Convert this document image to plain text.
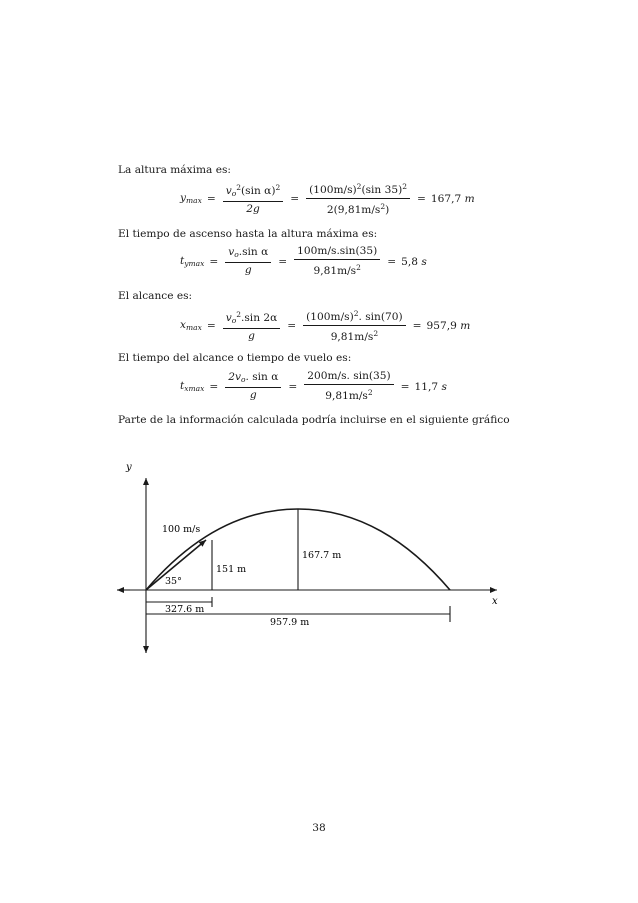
La altura máxima es:
El tiempo de ascenso hasta la altura máxima es:
El alcance es:
El tiempo del alcance o tiempo de vuelo es:
Parte de la información calculada podría incluirse en el siguiente gráfico
$y_{max} = \frac{v_o^2(\sin \alpha)^2}{2g} = \frac{(100m/s)^2(\sin 35)^2}{2(9,81m/s^2)} = 167,7$
m
$t_{ymax} = \frac{v_o.\sin \alpha}{g} = \frac{100m/s.\sin(35)}{9,81m/s^2} = 5,8$
s
$x_{max} = \frac{v_o^2.\sin 2\alpha}{g} = \frac{(100m/s)^2. \sin(70)}{9,81m/s^2} = 957,9$
m
$t_{xmax} = \frac{2v_o. \sin \alpha}{g} = \frac{200m/s. \sin(35)}{9,81m/s^2} = 11,7$
s
y
x
100 m/s
35°
151 m
167.7 m
327.6 m
957.9 m
38
